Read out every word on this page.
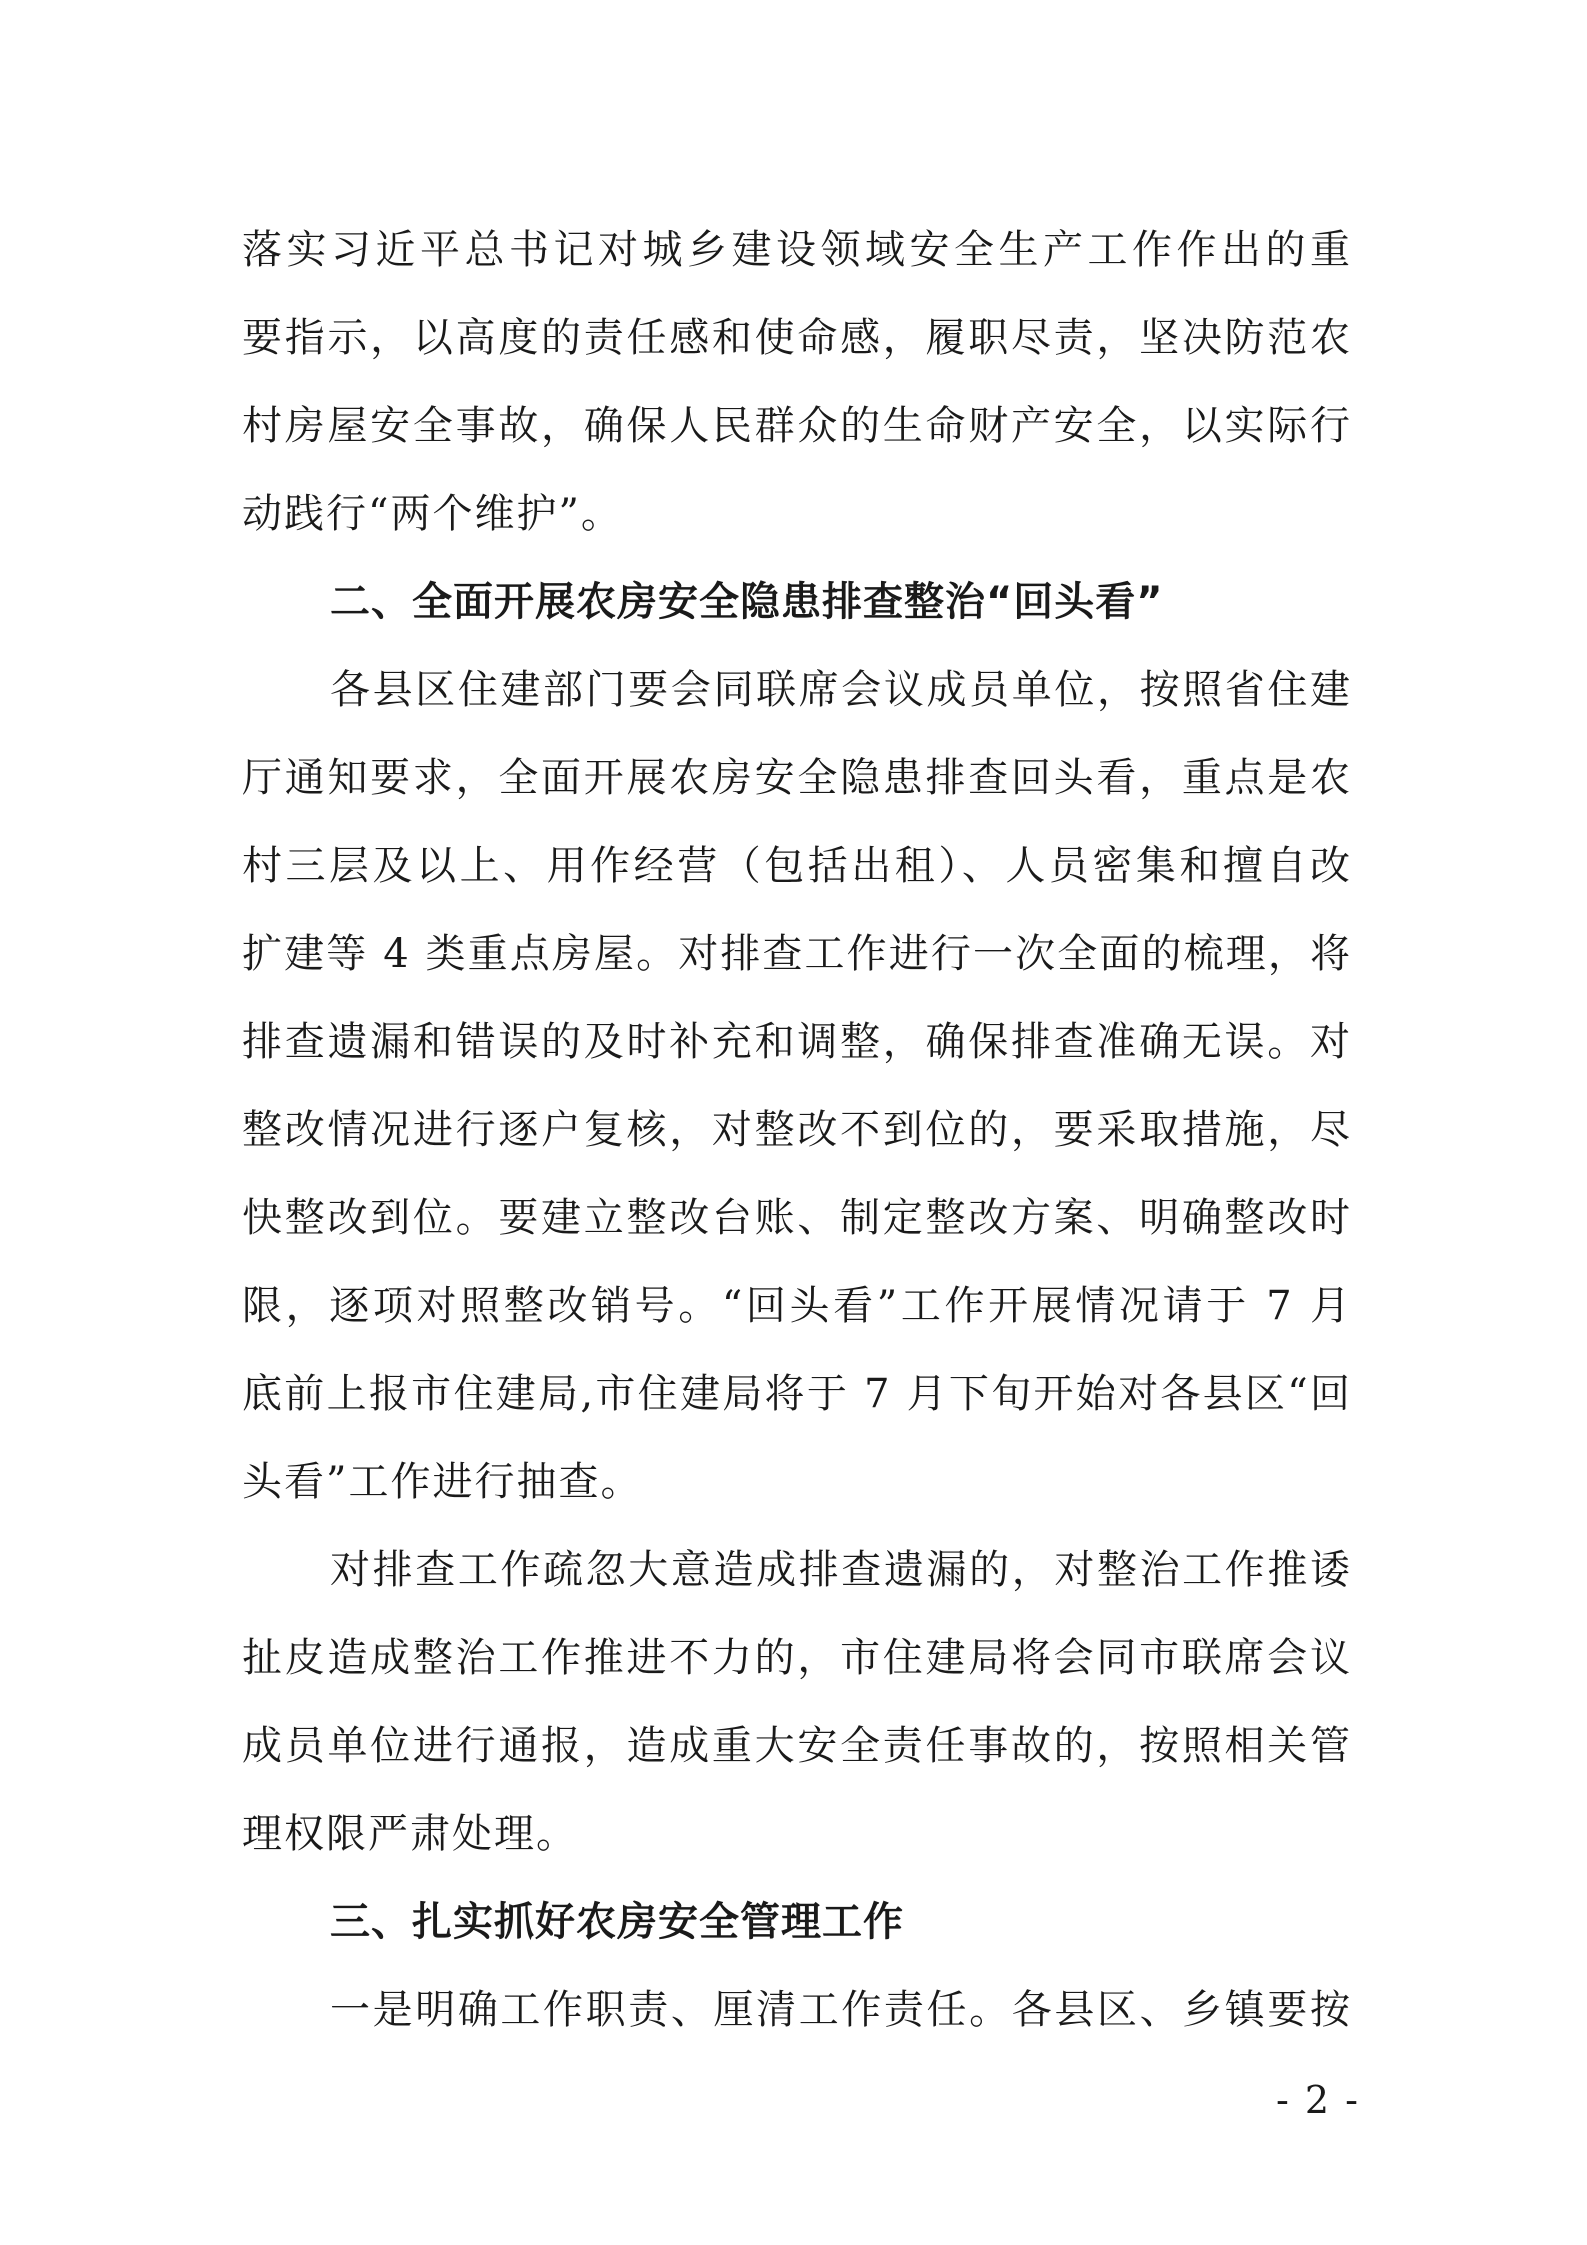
落实习近平总书记对城乡建设领域安全生产工作作出的重
要指示，以高度的责任感和使命感，履职尽责，坚决防范农
村房屋安全事故，确保人民群众的生命财产安全，以实际行
动践行“两个维护”。
二、全面开展农房安全隐患排查整治“回头看”
各县区住建部门要会同联席会议成员单位，按照省住建
厅通知要求，全面开展农房安全隐患排查回头看，重点是农
村三层及以上、用作经营（包括出租）、人员密集和擅自改
扩建等 4 类重点房屋。对排查工作进行一次全面的梳理，将
排查遗漏和错误的及时补充和调整，确保排查准确无误。对
整改情况进行逐户复核，对整改不到位的，要采取措施，尽
快整改到位。要建立整改台账、制定整改方案、明确整改时
限，逐项对照整改销号。“回头看”工作开展情况请于 7 月
底前上报市住建局,市住建局将于 7 月下旬开始对各县区“回
头看”工作进行抽查。
对排查工作疏忽大意造成排查遗漏的，对整治工作推诿
扯皮造成整治工作推进不力的，市住建局将会同市联席会议
成员单位进行通报，造成重大安全责任事故的，按照相关管
理权限严肃处理。
三、扎实抓好农房安全管理工作
一是明确工作职责、厘清工作责任。各县区、乡镇要按
- 2 -
